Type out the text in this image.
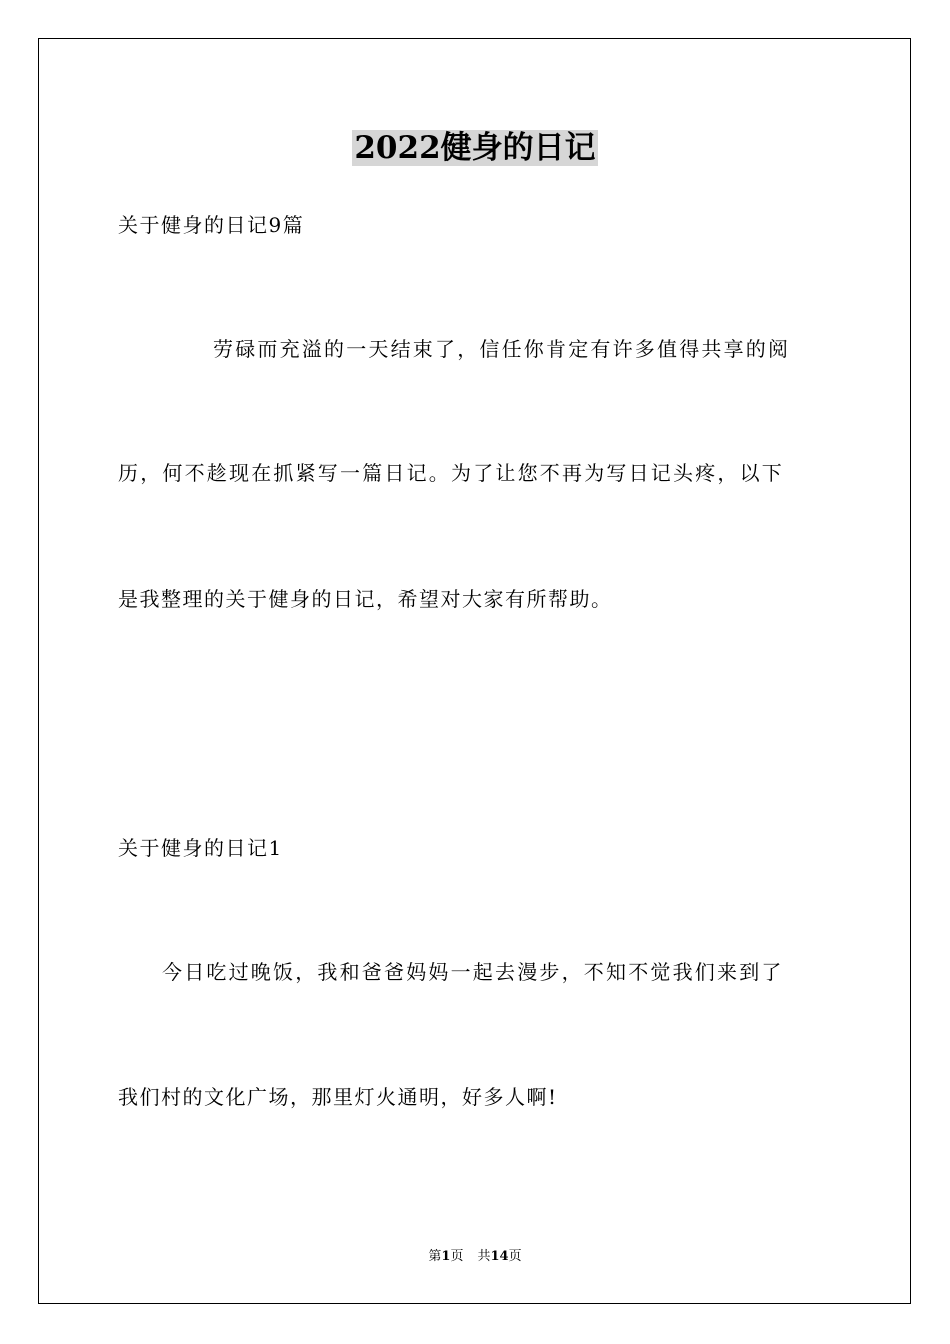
2022健身的日记
关于健身的日记9篇
劳碌而充溢的一天结束了，信任你肯定有许多值得共享的阅
历，何不趁现在抓紧写一篇日记。为了让您不再为写日记头疼，以下
是我整理的关于健身的日记，希望对大家有所帮助。
关于健身的日记1
今日吃过晚饭，我和爸爸妈妈一起去漫步，不知不觉我们来到了
我们村的文化广场，那里灯火通明，好多人啊!
第1页 共14页
